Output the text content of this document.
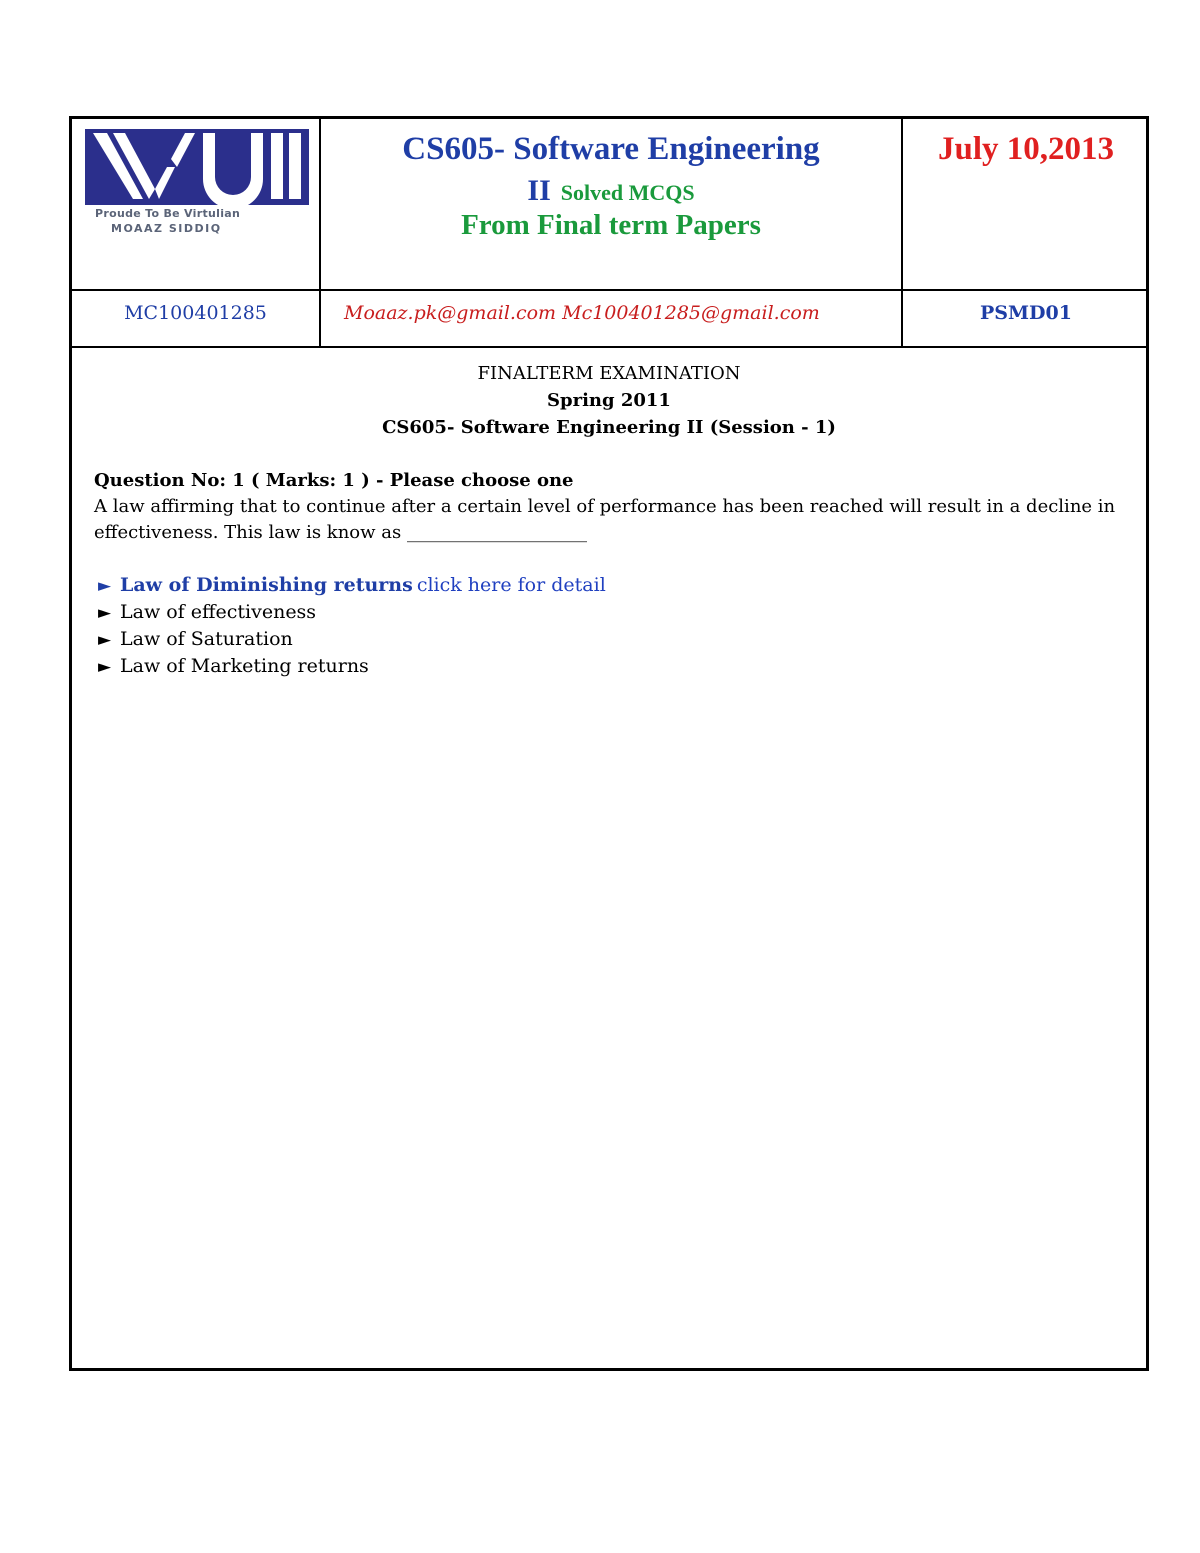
Proude To Be Virtulian
MOAAZ SIDDIQ
CS605- Software Engineering
II Solved MCQS
From Final term Papers
July 10,2013
MC100401285	Moaaz.pk@gmail.com Mc100401285@gmail.com	PSMD01
FINALTERM EXAMINATION
Spring 2011
CS605- Software Engineering II (Session - 1)
Question No: 1 ( Marks: 1 ) - Please choose one
A law affirming that to continue after a certain level of performance has been reached will result in a decline in effectiveness. This law is know as ____________________
► Law of Diminishing returns click here for detail
► Law of effectiveness
► Law of Saturation
► Law of Marketing returns
